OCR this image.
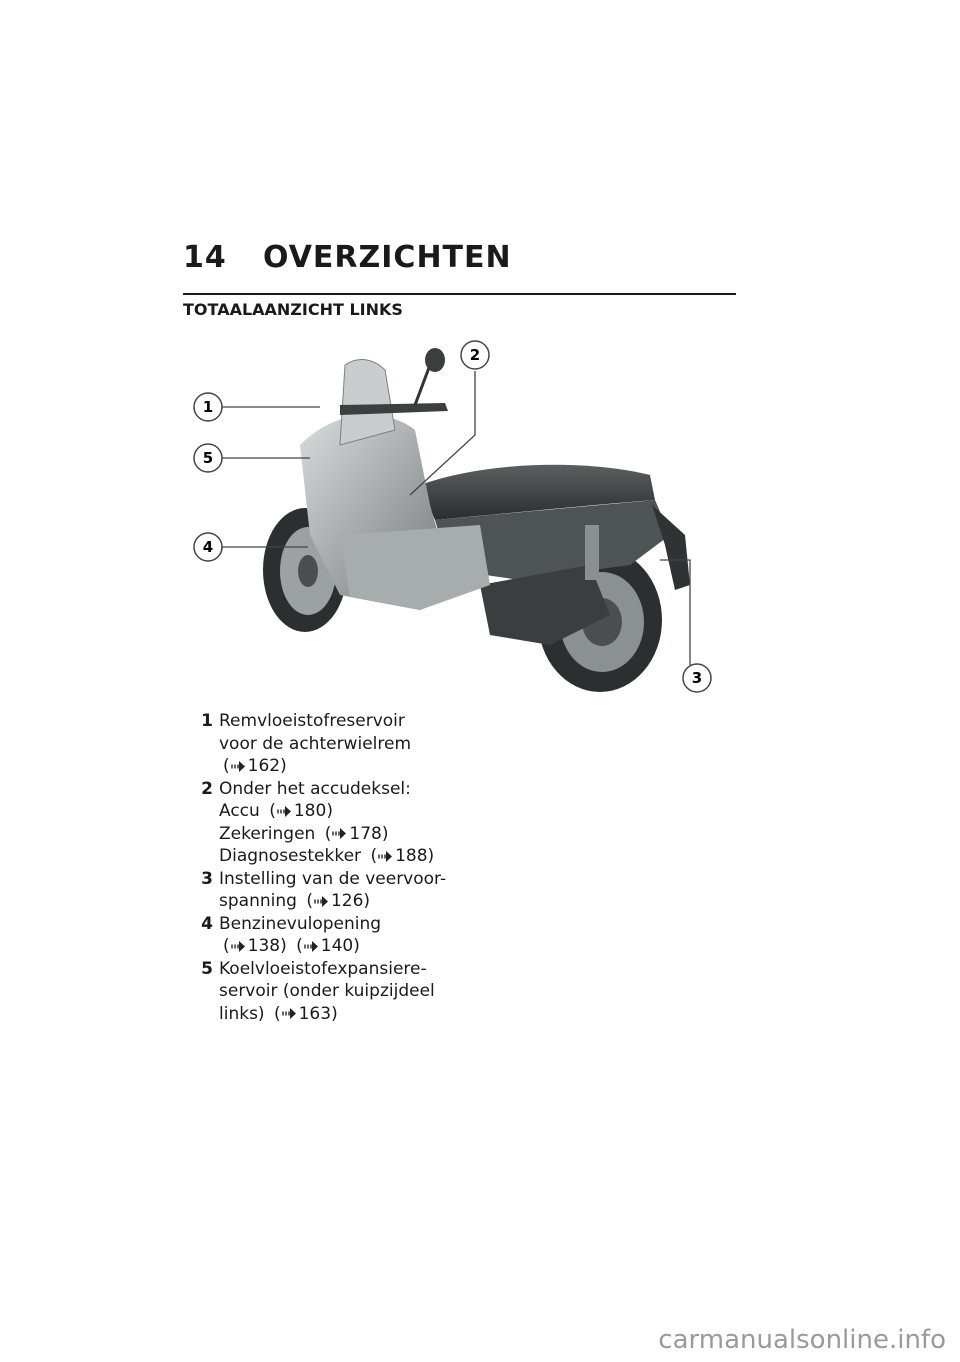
14 OVERZICHTEN
TOTAALAANZICHT LINKS
1
2
3
4
5
1 Remvloeistofreservoir
voor de achterwielrem
( 162)
2 Onder het accudeksel:
Accu ( 180)
Zekeringen ( 178)
Diagnosestekker ( 188)
3 Instelling van de veervoor-
spanning ( 126)
4 Benzinevulopening
( 138) ( 140)
5 Koelvloeistofexpansiere-
servoir (onder kuipzijdeel
links) ( 163)
carmanualsonline.info
